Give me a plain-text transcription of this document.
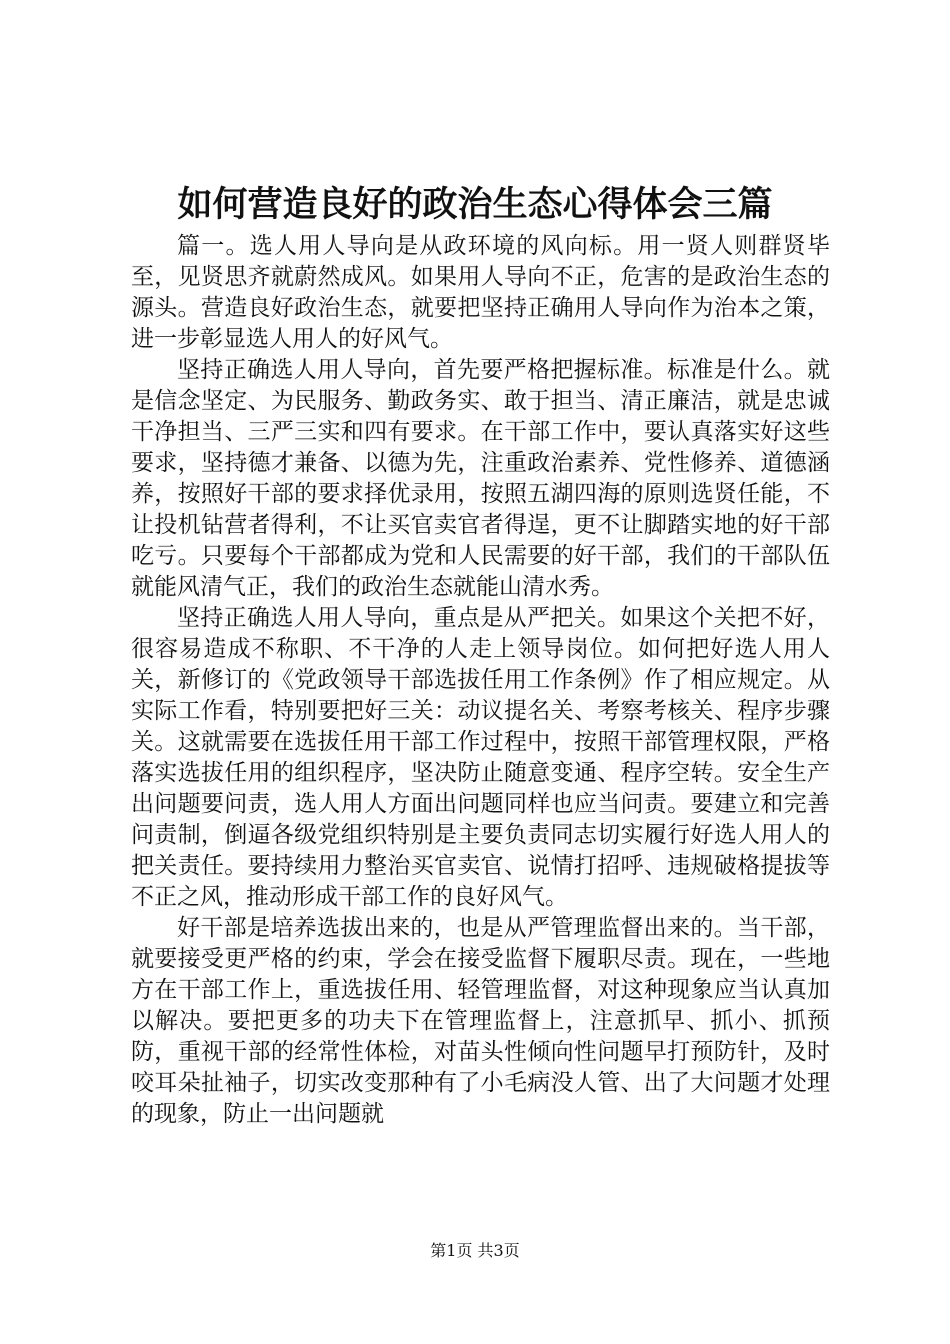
如何营造良好的政治生态心得体会三篇

篇一。选人用人导向是从政环境的风向标。用一贤人则群贤毕至，见贤思齐就蔚然成风。如果用人导向不正，危害的是政治生态的源头。营造良好政治生态，就要把坚持正确用人导向作为治本之策，进一步彰显选人用人的好风气。

坚持正确选人用人导向，首先要严格把握标准。标准是什么。就是信念坚定、为民服务、勤政务实、敢于担当、清正廉洁，就是忠诚干净担当、三严三实和四有要求。在干部工作中，要认真落实好这些要求，坚持德才兼备、以德为先，注重政治素养、党性修养、道德涵养，按照好干部的要求择优录用，按照五湖四海的原则选贤任能，不让投机钻营者得利，不让买官卖官者得逞，更不让脚踏实地的好干部吃亏。只要每个干部都成为党和人民需要的好干部，我们的干部队伍就能风清气正，我们的政治生态就能山清水秀。

坚持正确选人用人导向，重点是从严把关。如果这个关把不好，很容易造成不称职、不干净的人走上领导岗位。如何把好选人用人关，新修订的《党政领导干部选拔任用工作条例》作了相应规定。从实际工作看，特别要把好三关：动议提名关、考察考核关、程序步骤关。这就需要在选拔任用干部工作过程中，按照干部管理权限，严格落实选拔任用的组织程序，坚决防止随意变通、程序空转。安全生产出问题要问责，选人用人方面出问题同样也应当问责。要建立和完善问责制，倒逼各级党组织特别是主要负责同志切实履行好选人用人的把关责任。要持续用力整治买官卖官、说情打招呼、违规破格提拔等不正之风，推动形成干部工作的良好风气。

好干部是培养选拔出来的，也是从严管理监督出来的。当干部，就要接受更严格的约束，学会在接受监督下履职尽责。现在，一些地方在干部工作上，重选拔任用、轻管理监督，对这种现象应当认真加以解决。要把更多的功夫下在管理监督上，注意抓早、抓小、抓预防，重视干部的经常性体检，对苗头性倾向性问题早打预防针，及时咬耳朵扯袖子，切实改变那种有了小毛病没人管、出了大问题才处理的现象，防止一出问题就

第1页 共3页
